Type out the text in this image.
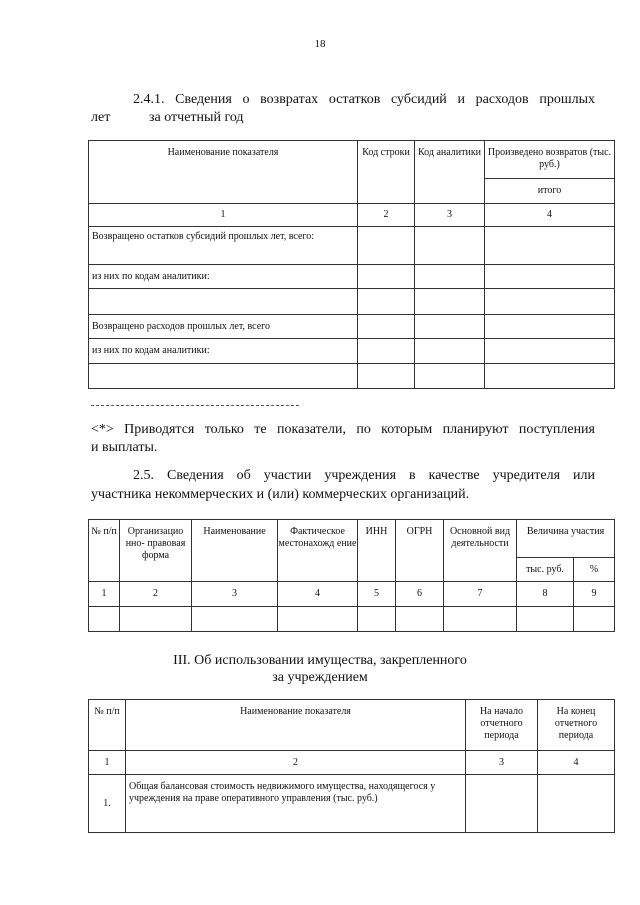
18
2.4.1. Сведения о возвратах остатков субсидий и расходов прошлых
лет	за отчетный год
Наименование показателя	Код строки	Код аналитики	Произведено возвратов (тыс. руб.)
			итого
1	2	3	4
Возвращено остатков субсидий прошлых лет, всего:			
из них по кодам аналитики:			

Возвращено расходов прошлых лет, всего			
из них по кодам аналитики:			

<*> Приводятся только те показатели, по которым планируют поступления
и выплаты.
2.5. Сведения об участии учреждения в качестве учредителя или
участника некоммерческих и (или) коммерческих организаций.
№ п/п	Организацио нно- правовая форма	Наименование	Фактическое местонахожд ение	ИНН	ОГРН	Основной вид деятельности	Величина участия	
							тыс. руб.	%
1	2	3	4	5	6	7	8	9

III. Об использовании имущества, закрепленного
за учреждением
№ п/п	Наименование показателя	На начало отчетного периода	На конец отчетного периода
1	2	3	4
1.	Общая балансовая стоимость недвижимого имущества, находящегося у учреждения на праве оперативного управления (тыс. руб.)		
